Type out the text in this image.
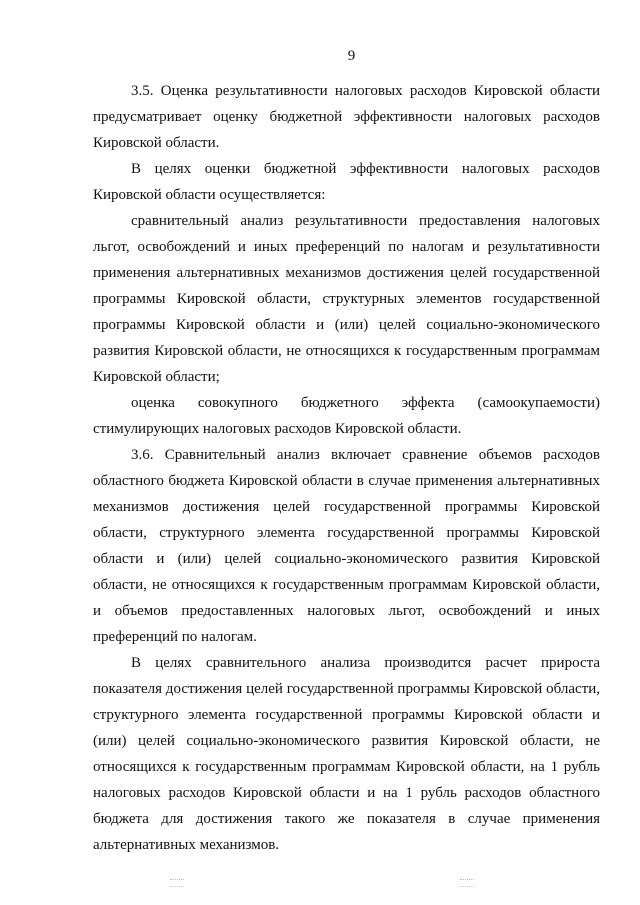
9

3.5. Оценка результативности налоговых расходов Кировской области предусматривает оценку бюджетной эффективности налоговых расходов Кировской области.

В целях оценки бюджетной эффективности налоговых расходов Кировской области осуществляется:

сравнительный анализ результативности предоставления налоговых льгот, освобождений и иных преференций по налогам и результативности применения альтернативных механизмов достижения целей государственной программы Кировской области, структурных элементов государственной программы Кировской области и (или) целей социально-экономического развития Кировской области, не относящихся к государственным программам Кировской области;

оценка совокупного бюджетного эффекта (самоокупаемости) стимулирующих налоговых расходов Кировской области.

3.6. Сравнительный анализ включает сравнение объемов расходов областного бюджета Кировской области в случае применения альтернативных механизмов достижения целей государственной программы Кировской области, структурного элемента государственной программы Кировской области и (или) целей социально-экономического развития Кировской области, не относящихся к государственным программам Кировской области, и объемов предоставленных налоговых льгот, освобождений и иных преференций по налогам.

В целях сравнительного анализа производится расчет прироста показателя достижения целей государственной программы Кировской области, структурного элемента государственной программы Кировской области и (или) целей социально-экономического развития Кировской области, не относящихся к государственным программам Кировской области, на 1 рубль налоговых расходов Кировской области и на 1 рубль расходов областного бюджета для достижения такого же показателя в случае применения альтернативных механизмов.
